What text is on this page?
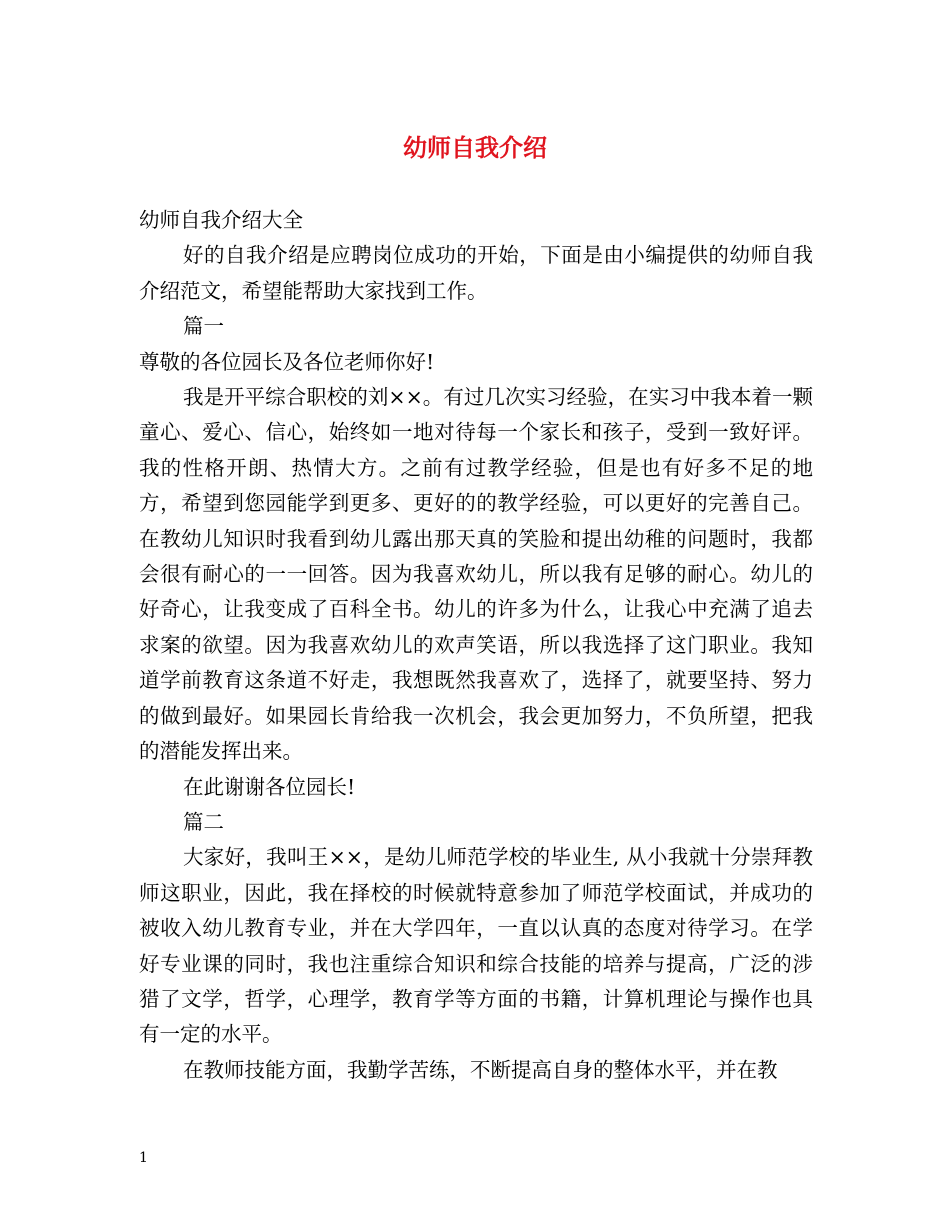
幼师自我介绍

幼师自我介绍大全

好的自我介绍是应聘岗位成功的开始，下面是由小编提供的幼师自我介绍范文，希望能帮助大家找到工作。

篇一

尊敬的各位园长及各位老师你好!

我是开平综合职校的刘××。有过几次实习经验，在实习中我本着一颗童心、爱心、信心，始终如一地对待每一个家长和孩子，受到一致好评。我的性格开朗、热情大方。之前有过教学经验，但是也有好多不足的地方，希望到您园能学到更多、更好的的教学经验，可以更好的完善自己。在教幼儿知识时我看到幼儿露出那天真的笑脸和提出幼稚的问题时，我都会很有耐心的一一回答。因为我喜欢幼儿，所以我有足够的耐心。幼儿的好奇心，让我变成了百科全书。幼儿的许多为什么，让我心中充满了追去求案的欲望。因为我喜欢幼儿的欢声笑语，所以我选择了这门职业。我知道学前教育这条道不好走，我想既然我喜欢了，选择了，就要坚持、努力的做到最好。如果园长肯给我一次机会，我会更加努力，不负所望，把我的潜能发挥出来。

在此谢谢各位园长!

篇二

大家好，我叫王××，是幼儿师范学校的毕业生, 从小我就十分崇拜教师这职业，因此，我在择校的时候就特意参加了师范学校面试，并成功的被收入幼儿教育专业，并在大学四年，一直以认真的态度对待学习。在学好专业课的同时，我也注重综合知识和综合技能的培养与提高，广泛的涉猎了文学，哲学，心理学，教育学等方面的书籍，计算机理论与操作也具有一定的水平。

在教师技能方面，我勤学苦练，不断提高自身的整体水平，并在教

1
